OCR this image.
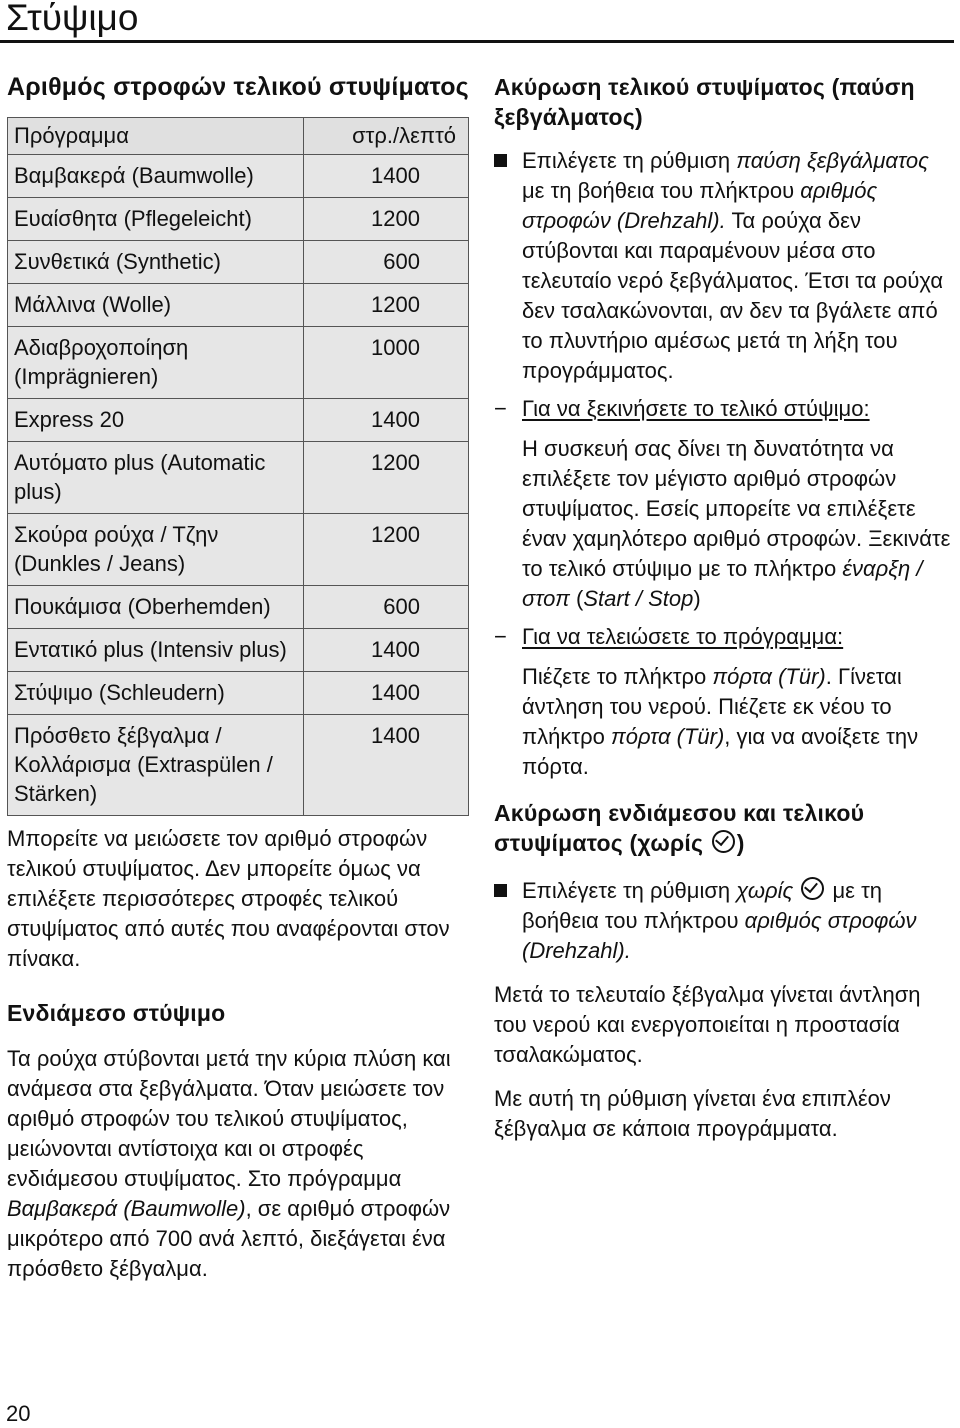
Στύψιμο
Αριθμός στροφών τελικού στυψίματος
Πρόγραμμα	στρ./λεπτό
Βαμβακερά (Baumwolle)	1400
Ευαίσθητα (Pflegeleicht)	1200
Συνθετικά (Synthetic)	600
Μάλλινα (Wolle)	1200
Αδιαβροχοποίηση (Imprägnieren)	1000
Express 20	1400
Αυτόματο plus (Automatic plus)	1200
Σκούρα ρούχα / Τζην (Dunkles / Jeans)	1200
Πουκάμισα (Oberhemden)	600
Εντατικό plus (Intensiv plus)	1400
Στύψιμο (Schleudern)	1400
Πρόσθετο ξέβγαλμα / Κολλάρισμα (Extraspülen / Stärken)	1400

Μπορείτε να μειώσετε τον αριθμό στροφών τελικού στυψίματος. Δεν μπορείτε όμως να επιλέξετε περισσότερες στροφές τελικού στυψίματος από αυτές που αναφέρονται στον πίνακα.

Ενδιάμεσο στύψιμο

Τα ρούχα στύβονται μετά την κύρια πλύση και ανάμεσα στα ξεβγάλματα. Όταν μειώσετε τον αριθμό στροφών του τελικού στυψίματος, μειώνονται αντίστοιχα και οι στροφές ενδιάμεσου στυψίματος. Στο πρόγραμμα Βαμβακερά (Baumwolle), σε αριθμό στροφών μικρότερο από 700 ανά λεπτό, διεξάγεται ένα πρόσθετο ξέβγαλμα.

Ακύρωση τελικού στυψίματος (παύση ξεβγάλματος)

Επιλέγετε τη ρύθμιση παύση ξεβγάλματος με τη βοήθεια του πλήκτρου αριθμός στροφών (Drehzahl). Τα ρούχα δεν στύβονται και παραμένουν μέσα στο τελευταίο νερό ξεβγάλματος. Έτσι τα ρούχα δεν τσαλακώνονται, αν δεν τα βγάλετε από το πλυντήριο αμέσως μετά τη λήξη του προγράμματος.

− Για να ξεκινήσετε το τελικό στύψιμο:

Η συσκευή σας δίνει τη δυνατότητα να επιλέξετε τον μέγιστο αριθμό στροφών στυψίματος. Εσείς μπορείτε να επιλέξετε έναν χαμηλότερο αριθμό στροφών. Ξεκινάτε το τελικό στύψιμο με το πλήκτρο έναρξη / στοπ (Start / Stop)

− Για να τελειώσετε το πρόγραμμα:

Πιέζετε το πλήκτρο πόρτα (Tür). Γίνεται άντληση του νερού. Πιέζετε εκ νέου το πλήκτρο πόρτα (Tür), για να ανοίξετε την πόρτα.

Ακύρωση ενδιάμεσου και τελικού στυψίματος (χωρίς )

Επιλέγετε τη ρύθμιση χωρίς  με τη βοήθεια του πλήκτρου αριθμός στροφών (Drehzahl).

Μετά το τελευταίο ξέβγαλμα γίνεται άντληση του νερού και ενεργοποιείται η προστασία τσαλακώματος.

Με αυτή τη ρύθμιση γίνεται ένα επιπλέον ξέβγαλμα σε κάποια προγράμματα.

20
